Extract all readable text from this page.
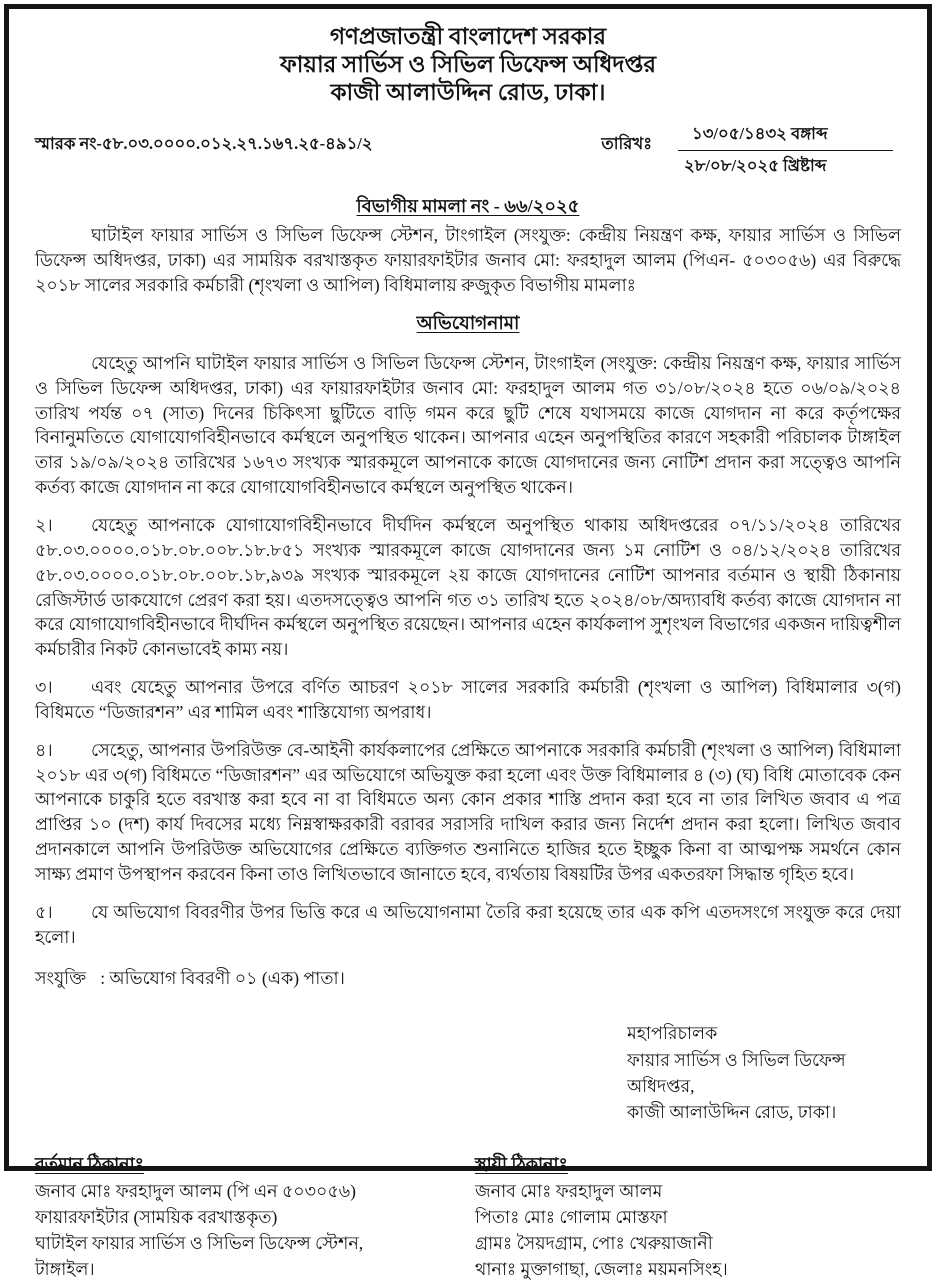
গণপ্রজাতন্ত্রী বাংলাদেশ সরকার
ফায়ার সার্ভিস ও সিভিল ডিফেন্স অধিদপ্তর
কাজী আলাউদ্দিন রোড, ঢাকা।
স্মারক নং-৫৮.০৩.০০০০.০১২.২৭.১৬৭.২৫-৪৯১/২	তারিখঃ
১৩/০৫/১৪৩২ বঙ্গাব্দ
২৮/০৮/২০২৫ খ্রিষ্টাব্দ
বিভাগীয় মামলা নং - ৬৬/২০২৫

ঘাটাইল ফায়ার সার্ভিস ও সিভিল ডিফেন্স স্টেশন, টাংগাইল (সংযুক্ত: কেন্দ্রীয় নিয়ন্ত্রণ কক্ষ, ফায়ার সার্ভিস ও সিভিল ডিফেন্স অধিদপ্তর, ঢাকা) এর সাময়িক বরখাস্তকৃত ফায়ারফাইটার জনাব মো: ফরহাদুল আলম (পিএন- ৫০৩০৫৬) এর বিরুদ্ধে ২০১৮ সালের সরকারি কর্মচারী (শৃংখলা ও আপিল) বিধিমালায় রুজুকৃত বিভাগীয় মামলাঃ

অভিযোগনামা

যেহেতু আপনি ঘাটাইল ফায়ার সার্ভিস ও সিভিল ডিফেন্স স্টেশন, টাংগাইল (সংযুক্ত: কেন্দ্রীয় নিয়ন্ত্রণ কক্ষ, ফায়ার সার্ভিস ও সিভিল ডিফেন্স অধিদপ্তর, ঢাকা) এর ফায়ারফাইটার জনাব মো: ফরহাদুল আলম গত ৩১/০৮/২০২৪ হতে ০৬/০৯/২০২৪ তারিখ পর্যন্ত ০৭ (সাত) দিনের চিকিৎসা ছুটিতে বাড়ি গমন করে ছুটি শেষে যথাসময়ে কাজে যোগদান না করে কর্তৃপক্ষের বিনানুমতিতে যোগাযোগবিহীনভাবে কর্মস্থলে অনুপস্থিত থাকেন। আপনার এহেন অনুপস্থিতির কারণে সহকারী পরিচালক টাঙ্গাইল তার ১৯/০৯/২০২৪ তারিখের ১৬৭৩ সংখ্যক স্মারকমূলে আপনাকে কাজে যোগদানের জন্য নোটিশ প্রদান করা সত্ত্বেও আপনি কর্তব্য কাজে যোগদান না করে যোগাযোগবিহীনভাবে কর্মস্থলে অনুপস্থিত থাকেন।

২। যেহেতু আপনাকে যোগাযোগবিহীনভাবে দীর্ঘদিন কর্মস্থলে অনুপস্থিত থাকায় অধিদপ্তরের ০৭/১১/২০২৪ তারিখের ৫৮.০৩.০০০০.০১৮.০৮.০০৮.১৮.৮৫১ সংখ্যক স্মারকমূলে কাজে যোগদানের জন্য ১ম নোটিশ ও ০৪/১২/২০২৪ তারিখের ৫৮.০৩.০০০০.০১৮.০৮.০০৮.১৮,৯৩৯ সংখ্যক স্মারকমূলে ২য় কাজে যোগদানের নোটিশ আপনার বর্তমান ও স্থায়ী ঠিকানায় রেজিস্টার্ড ডাকযোগে প্রেরণ করা হয়। এতদসত্ত্বেও আপনি গত ৩১ তারিখ হতে ২০২৪/০৮/অদ্যাবধি কর্তব্য কাজে যোগদান না করে যোগাযোগবিহীনভাবে দীর্ঘদিন কর্মস্থলে অনুপস্থিত রয়েছেন। আপনার এহেন কার্যকলাপ সুশৃংখল বিভাগের একজন দায়িত্বশীল কর্মচারীর নিকট কোনভাবেই কাম্য নয়।

৩। এবং যেহেতু আপনার উপরে বর্ণিত আচরণ ২০১৮ সালের সরকারি কর্মচারী (শৃংখলা ও আপিল) বিধিমালার ৩(গ) বিধিমতে “ডিজারশন” এর শামিল এবং শাস্তিযোগ্য অপরাধ।

৪। সেহেতু, আপনার উপরিউক্ত বে-আইনী কার্যকলাপের প্রেক্ষিতে আপনাকে সরকারি কর্মচারী (শৃংখলা ও আপিল) বিধিমালা ২০১৮ এর ৩(গ) বিধিমতে “ডিজারশন” এর অভিযোগে অভিযুক্ত করা হলো এবং উক্ত বিধিমালার ৪ (৩) (ঘ) বিধি মোতাবেক কেন আপনাকে চাকুরি হতে বরখাস্ত করা হবে না বা বিধিমতে অন্য কোন প্রকার শাস্তি প্রদান করা হবে না তার লিখিত জবাব এ পত্র প্রাপ্তির ১০ (দশ) কার্য দিবসের মধ্যে নিম্নস্বাক্ষরকারী বরাবর সরাসরি দাখিল করার জন্য নির্দেশ প্রদান করা হলো। লিখিত জবাব প্রদানকালে আপনি উপরিউক্ত অভিযোগের প্রেক্ষিতে ব্যক্তিগত শুনানিতে হাজির হতে ইচ্ছুক কিনা বা আত্মপক্ষ সমর্থনে কোন সাক্ষ্য প্রমাণ উপস্থাপন করবেন কিনা তাও লিখিতভাবে জানাতে হবে, ব্যর্থতায় বিষয়টির উপর একতরফা সিদ্ধান্ত গৃহিত হবে।

৫। যে অভিযোগ বিবরণীর উপর ভিত্তি করে এ অভিযোগনামা তৈরি করা হয়েছে তার এক কপি এতদসংগে সংযুক্ত করে দেয়া হলো।

সংযুক্তি : অভিযোগ বিবরণী ০১ (এক) পাতা।
মহাপরিচালক
ফায়ার সার্ভিস ও সিভিল ডিফেন্স অধিদপ্তর,
কাজী আলাউদ্দিন রোড, ঢাকা।
বর্তমান ঠিকানাঃ
জনাব মোঃ ফরহাদুল আলম (পি এন ৫০৩০৫৬)
ফায়ারফাইটার (সাময়িক বরখাস্তকৃত)
ঘাটাইল ফায়ার সার্ভিস ও সিভিল ডিফেন্স স্টেশন,
টাঙ্গাইল।
স্থায়ী ঠিকানাঃ
জনাব মোঃ ফরহাদুল আলম
পিতাঃ মোঃ গোলাম মোস্তফা
গ্রামঃ সৈয়দগ্রাম, পোঃ খেরুয়াজানী
থানাঃ মুক্তাগাছা, জেলাঃ ময়মনসিংহ।
